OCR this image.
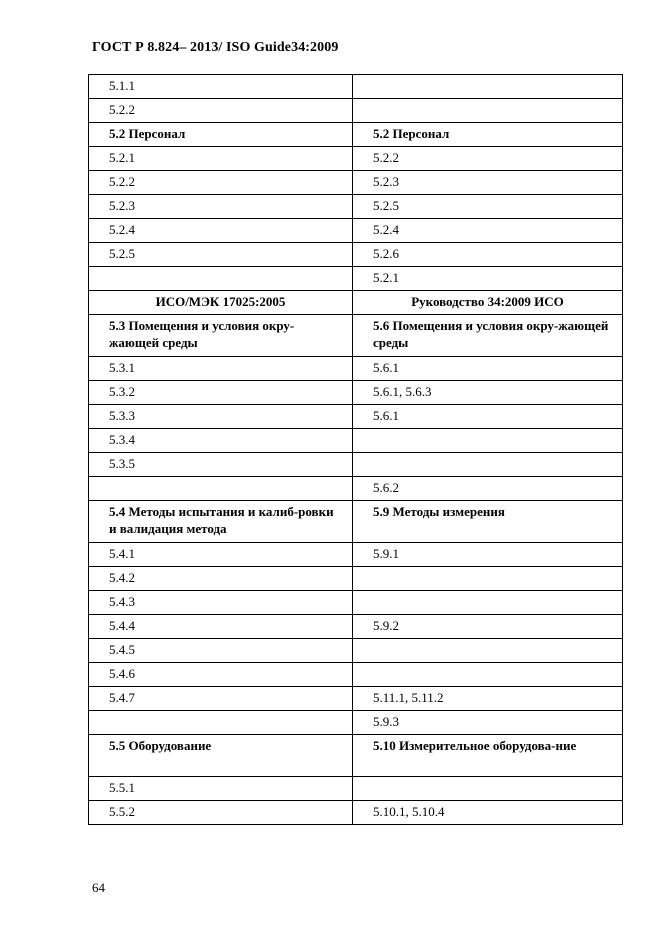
ГОСТ Р 8.824– 2013/ ISO Guide34:2009
5.1.1	
5.2.2	
5.2 Персонал	5.2 Персонал
5.2.1	5.2.2
5.2.2	5.2.3
5.2.3	5.2.5
5.2.4	5.2.4
5.2.5	5.2.6
	5.2.1
ИСО/МЭК 17025:2005	Руководство 34:2009 ИСО
5.3 Помещения и условия окру-жающей среды	5.6 Помещения и условия окру-жающей среды
5.3.1	5.6.1
5.3.2	5.6.1, 5.6.3
5.3.3	5.6.1
5.3.4	
5.3.5	
	5.6.2
5.4 Методы испытания и калиб-ровки и валидация метода	5.9 Методы измерения
5.4.1	5.9.1
5.4.2	
5.4.3	
5.4.4	5.9.2
5.4.5	
5.4.6	
5.4.7	5.11.1, 5.11.2
	5.9.3
5.5 Оборудование	5.10 Измерительное оборудова-ние
5.5.1	
5.5.2	5.10.1, 5.10.4
64
